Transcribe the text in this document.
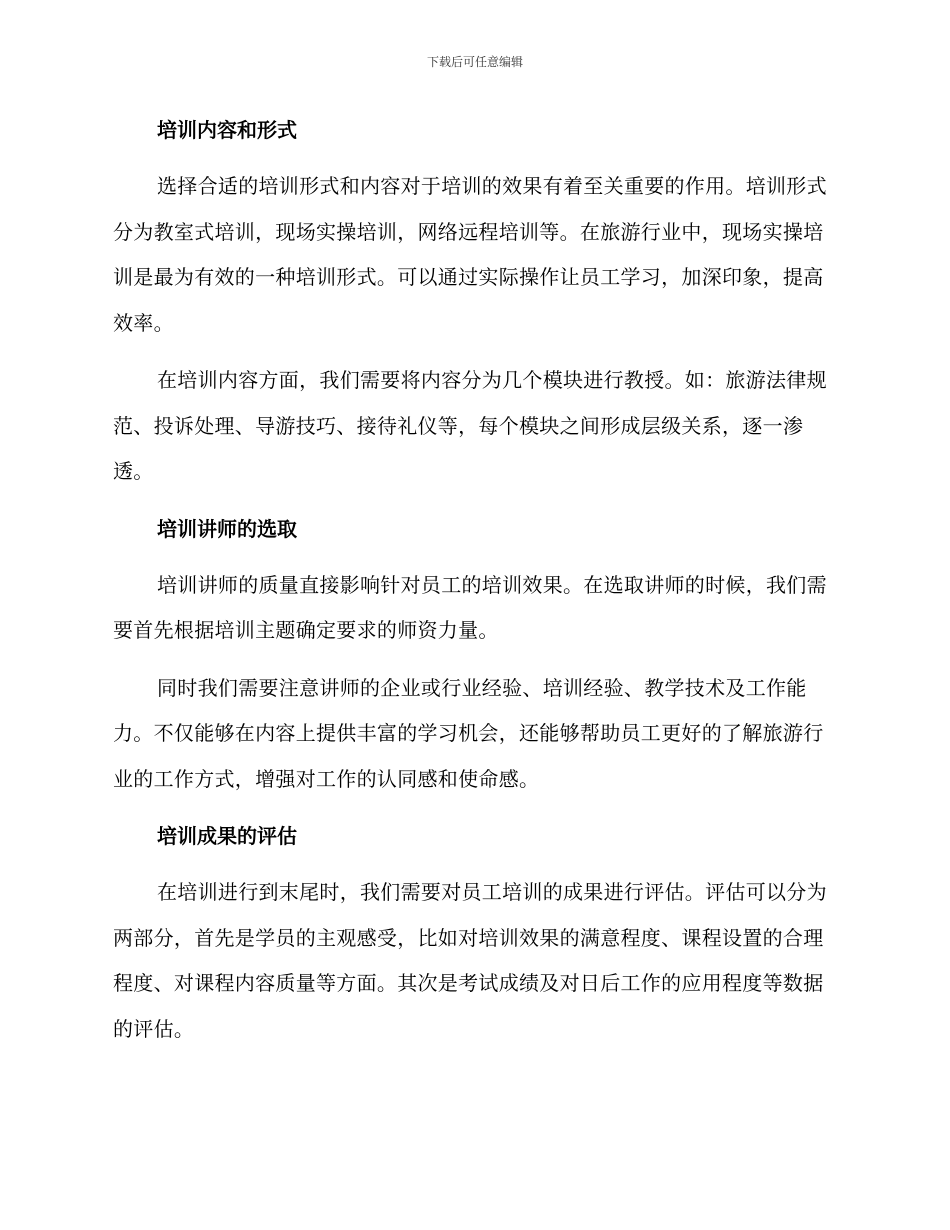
下载后可任意编辑
培训内容和形式

选择合适的培训形式和内容对于培训的效果有着至关重要的作用。培训形式分为教室式培训，现场实操培训，网络远程培训等。在旅游行业中，现场实操培训是最为有效的一种培训形式。可以通过实际操作让员工学习，加深印象，提高效率。

在培训内容方面，我们需要将内容分为几个模块进行教授。如：旅游法律规范、投诉处理、导游技巧、接待礼仪等，每个模块之间形成层级关系，逐一渗透。

培训讲师的选取

培训讲师的质量直接影响针对员工的培训效果。在选取讲师的时候，我们需要首先根据培训主题确定要求的师资力量。

同时我们需要注意讲师的企业或行业经验、培训经验、教学技术及工作能力。不仅能够在内容上提供丰富的学习机会，还能够帮助员工更好的了解旅游行业的工作方式，增强对工作的认同感和使命感。

培训成果的评估

在培训进行到末尾时，我们需要对员工培训的成果进行评估。评估可以分为两部分，首先是学员的主观感受，比如对培训效果的满意程度、课程设置的合理程度、对课程内容质量等方面。其次是考试成绩及对日后工作的应用程度等数据的评估。
